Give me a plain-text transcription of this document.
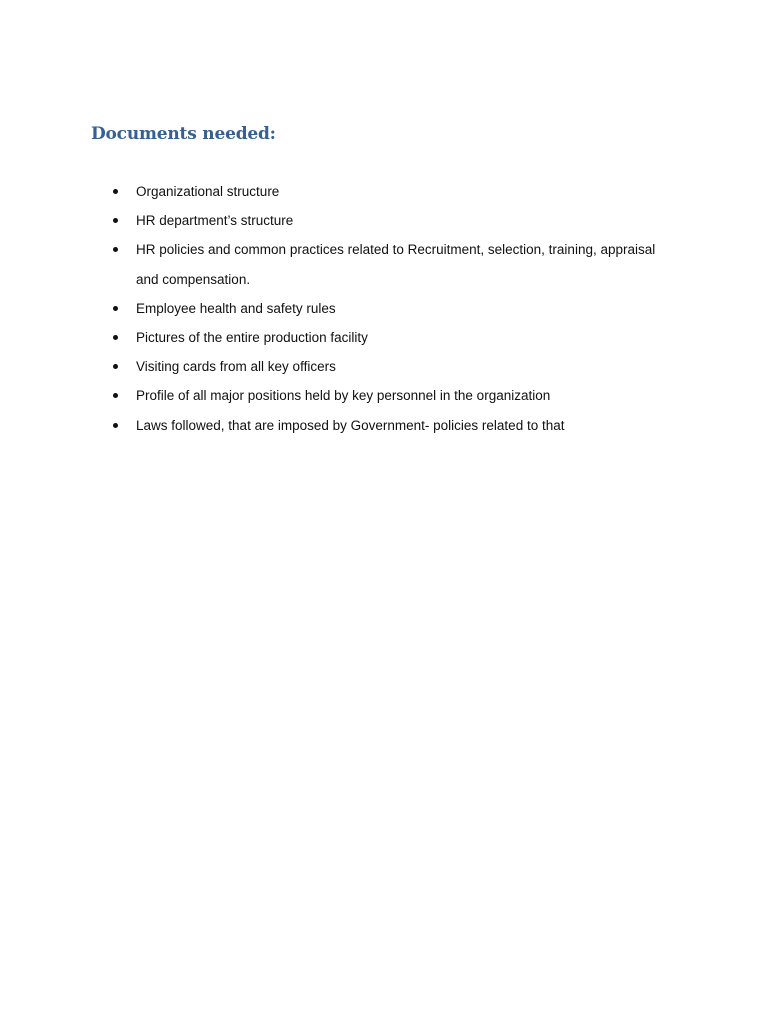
Documents needed:
Organizational structure
HR department’s structure
HR policies and common practices related to Recruitment, selection, training, appraisal and compensation.
Employee health and safety rules
Pictures of the entire production facility
Visiting cards from all key officers
Profile of all major positions held by key personnel in the organization
Laws followed, that are imposed by Government- policies related to that
